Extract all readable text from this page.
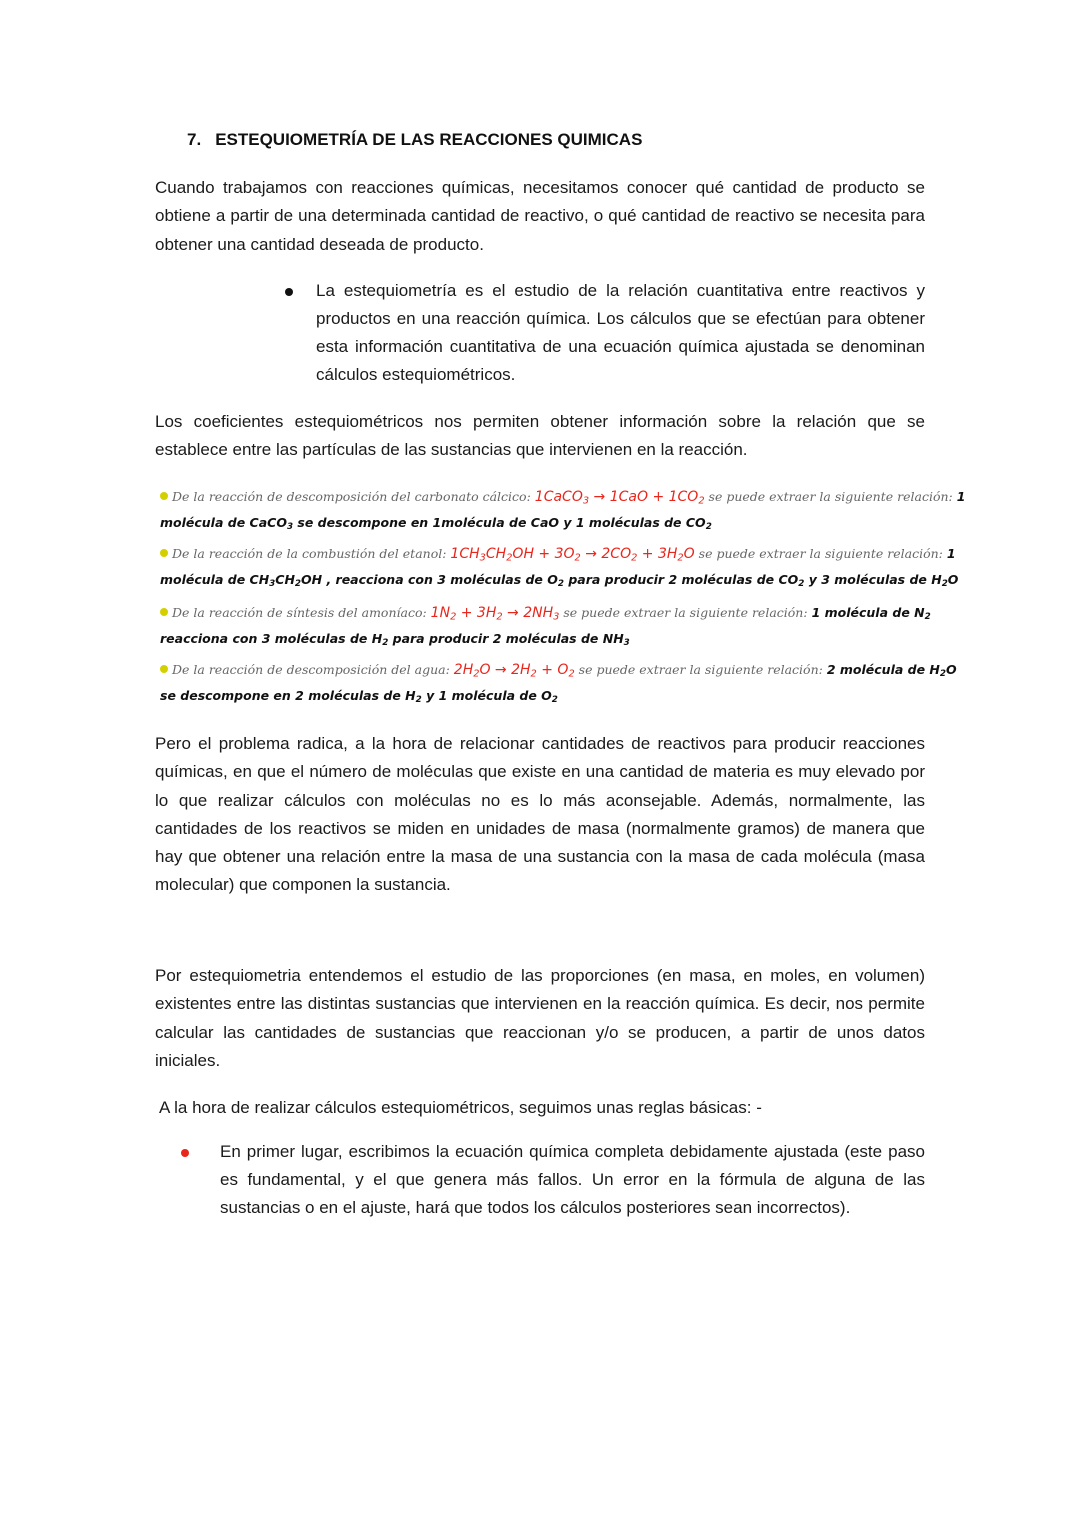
7. ESTEQUIOMETRÍA DE LAS REACCIONES QUIMICAS

Cuando trabajamos con reacciones químicas, necesitamos conocer qué cantidad de producto se obtiene a partir de una determinada cantidad de reactivo, o qué cantidad de reactivo se necesita para obtener una cantidad deseada de producto.

La estequiometría es el estudio de la relación cuantitativa entre reactivos y productos en una reacción química. Los cálculos que se efectúan para obtener esta información cuantitativa de una ecuación química ajustada se denominan cálculos estequiométricos.

Los coeficientes estequiométricos nos permiten obtener información sobre la relación que se establece entre las partículas de las sustancias que intervienen en la reacción.

De la reacción de descomposición del carbonato cálcico: 1CaCO$_3$ → $1CaO + 1CO_2$ se puede extraer la siguiente relación: 1 molécula de CaCO$_3$ se descompone en 1molécula de CaO y 1 moléculas de $CO_2$
De la reacción de la combustión del etanol: $1CH_3CH_2OH + 3O_2 \to 2CO_2 + 3H_2O$ se puede extraer la siguiente relación: 1 molécula de $CH_3CH_2OH$ , reacciona con 3 moléculas de $O_2$ para producir 2 moléculas de $CO_2$ y 3 moléculas de $H_2O$
De la reacción de síntesis del amoníaco: $1N_2 + 3H_2 \to 2NH_3$ se puede extraer la siguiente relación: 1 molécula de $N_2$ reacciona con 3 moléculas de $H_2$ para producir 2 moléculas de $NH_3$
De la reacción de descomposición del agua: $2H_2O \to 2H_2 + O_2$ se puede extraer la siguiente relación: 2 molécula de $H_2O$ se descompone en 2 moléculas de $H_2$ y 1 molécula de $O_2$

Pero el problema radica, a la hora de relacionar cantidades de reactivos para producir reacciones químicas, en que el número de moléculas que existe en una cantidad de materia es muy elevado por lo que realizar cálculos con moléculas no es lo más aconsejable. Además, normalmente, las cantidades de los reactivos se miden en unidades de masa (normalmente gramos) de manera que hay que obtener una relación entre la masa de una sustancia con la masa de cada molécula (masa molecular) que componen la sustancia.

Por estequiometria entendemos el estudio de las proporciones (en masa, en moles, en volumen) existentes entre las distintas sustancias que intervienen en la reacción química. Es decir, nos permite calcular las cantidades de sustancias que reaccionan y/o se producen, a partir de unos datos iniciales.

A la hora de realizar cálculos estequiométricos, seguimos unas reglas básicas: -

En primer lugar, escribimos la ecuación química completa debidamente ajustada (este paso es fundamental, y el que genera más fallos. Un error en la fórmula de alguna de las sustancias o en el ajuste, hará que todos los cálculos posteriores sean incorrectos).
